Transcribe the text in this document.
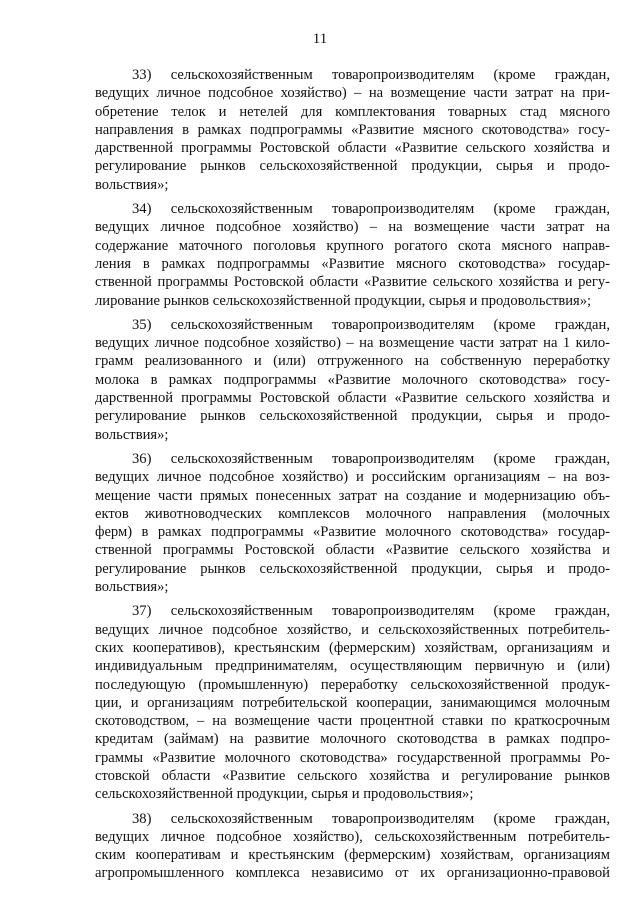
11
33) сельскохозяйственным товаропроизводителям (кроме граждан,
ведущих личное подсобное хозяйство) – на возмещение части затрат на при-
обретение телок и нетелей для комплектования товарных стад мясного
направления в рамках подпрограммы «Развитие мясного скотоводства» госу-
дарственной программы Ростовской области «Развитие сельского хозяйства и
регулирование рынков сельскохозяйственной продукции, сырья и продо-
вольствия»;
34) сельскохозяйственным товаропроизводителям (кроме граждан,
ведущих личное подсобное хозяйство) – на возмещение части затрат на
содержание маточного поголовья крупного рогатого скота мясного направ-
ления в рамках подпрограммы «Развитие мясного скотоводства» государ-
ственной программы Ростовской области «Развитие сельского хозяйства и регу-
лирование рынков сельскохозяйственной продукции, сырья и продовольствия»;
35) сельскохозяйственным товаропроизводителям (кроме граждан,
ведущих личное подсобное хозяйство) – на возмещение части затрат на 1 кило-
грамм реализованного и (или) отгруженного на собственную переработку
молока в рамках подпрограммы «Развитие молочного скотоводства» госу-
дарственной программы Ростовской области «Развитие сельского хозяйства и
регулирование рынков сельскохозяйственной продукции, сырья и продо-
вольствия»;
36) сельскохозяйственным товаропроизводителям (кроме граждан,
ведущих личное подсобное хозяйство) и российским организациям – на воз-
мещение части прямых понесенных затрат на создание и модернизацию объ-
ектов животноводческих комплексов молочного направления (молочных
ферм) в рамках подпрограммы «Развитие молочного скотоводства» государ-
ственной программы Ростовской области «Развитие сельского хозяйства и
регулирование рынков сельскохозяйственной продукции, сырья и продо-
вольствия»;
37) сельскохозяйственным товаропроизводителям (кроме граждан,
ведущих личное подсобное хозяйство, и сельскохозяйственных потребитель-
ских кооперативов), крестьянским (фермерским) хозяйствам, организациям и
индивидуальным предпринимателям, осуществляющим первичную и (или)
последующую (промышленную) переработку сельскохозяйственной продук-
ции, и организациям потребительской кооперации, занимающимся молочным
скотоводством, – на возмещение части процентной ставки по краткосрочным
кредитам (займам) на развитие молочного скотоводства в рамках подпро-
граммы «Развитие молочного скотоводства» государственной программы Ро-
стовской области «Развитие сельского хозяйства и регулирование рынков
сельскохозяйственной продукции, сырья и продовольствия»;
38) сельскохозяйственным товаропроизводителям (кроме граждан,
ведущих личное подсобное хозяйство), сельскохозяйственным потребитель-
ским кооперативам и крестьянским (фермерским) хозяйствам, организациям
агропромышленного комплекса независимо от их организационно-правовой
